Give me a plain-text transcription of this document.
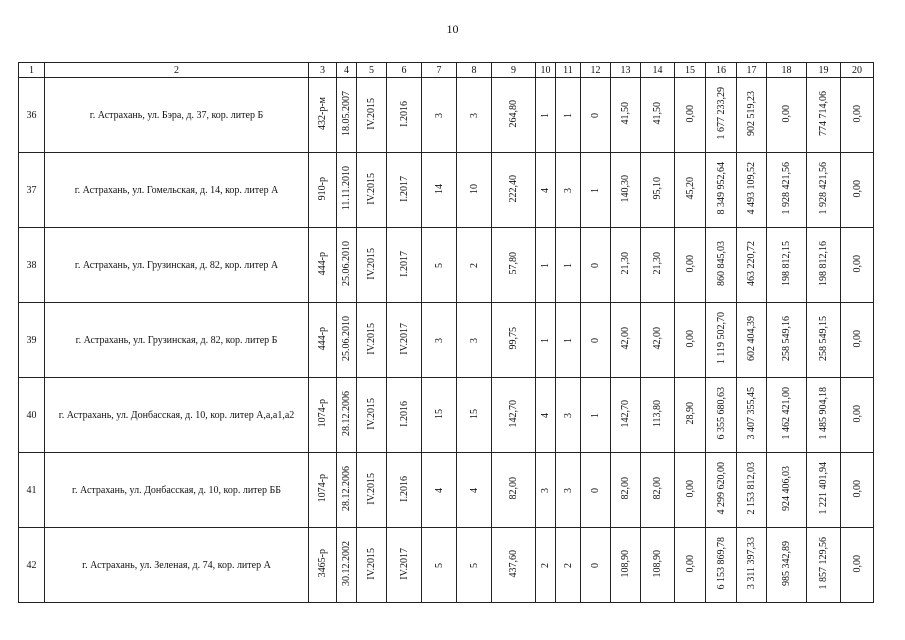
10
1	2	3	4	5	6	7	8	9	10	11	12	13	14	15	16	17	18	19	20
36	г. Астрахань, ул. Бэра, д. 37, кор. литер Б	432-р-м	18.05.2007	IV.2015	I.2016	3	3	264,80	1	1	0	41,50	41,50	0,00	1 677 233,29	902 519,23	0,00	774 714,06	0,00
37	г. Астрахань, ул. Гомельская, д. 14, кор. литер А	910-р	11.11.2010	IV.2015	I.2017	14	10	222,40	4	3	1	140,30	95,10	45,20	8 349 952,64	4 493 109,52	1 928 421,56	1 928 421,56	0,00
38	г. Астрахань, ул. Грузинская, д. 82, кор. литер А	444-р	25.06.2010	IV.2015	I.2017	5	2	57,80	1	1	0	21,30	21,30	0,00	860 845,03	463 220,72	198 812,15	198 812,16	0,00
39	г. Астрахань, ул. Грузинская, д. 82, кор. литер Б	444-р	25.06.2010	IV.2015	IV.2017	3	3	99,75	1	1	0	42,00	42,00	0,00	1 119 502,70	602 404,39	258 549,16	258 549,15	0,00
40	г. Астрахань, ул. Донбасская, д. 10, кор. литер А,а,а1,а2	1074-р	28.12.2006	IV.2015	I.2016	15	15	142,70	4	3	1	142,70	113,80	28,90	6 355 680,63	3 407 355,45	1 462 421,00	1 485 904,18	0,00
41	г. Астрахань, ул. Донбасская, д. 10, кор. литер ББ	1074-р	28.12.2006	IV.2015	I.2016	4	4	82,00	3	3	0	82,00	82,00	0,00	4 299 620,00	2 153 812,03	924 406,03	1 221 401,94	0,00
42	г. Астрахань, ул. Зеленая, д. 74, кор. литер А	3465-р	30.12.2002	IV.2015	IV.2017	5	5	437,60	2	2	0	108,90	108,90	0,00	6 153 869,78	3 311 397,33	985 342,89	1 857 129,56	0,00
